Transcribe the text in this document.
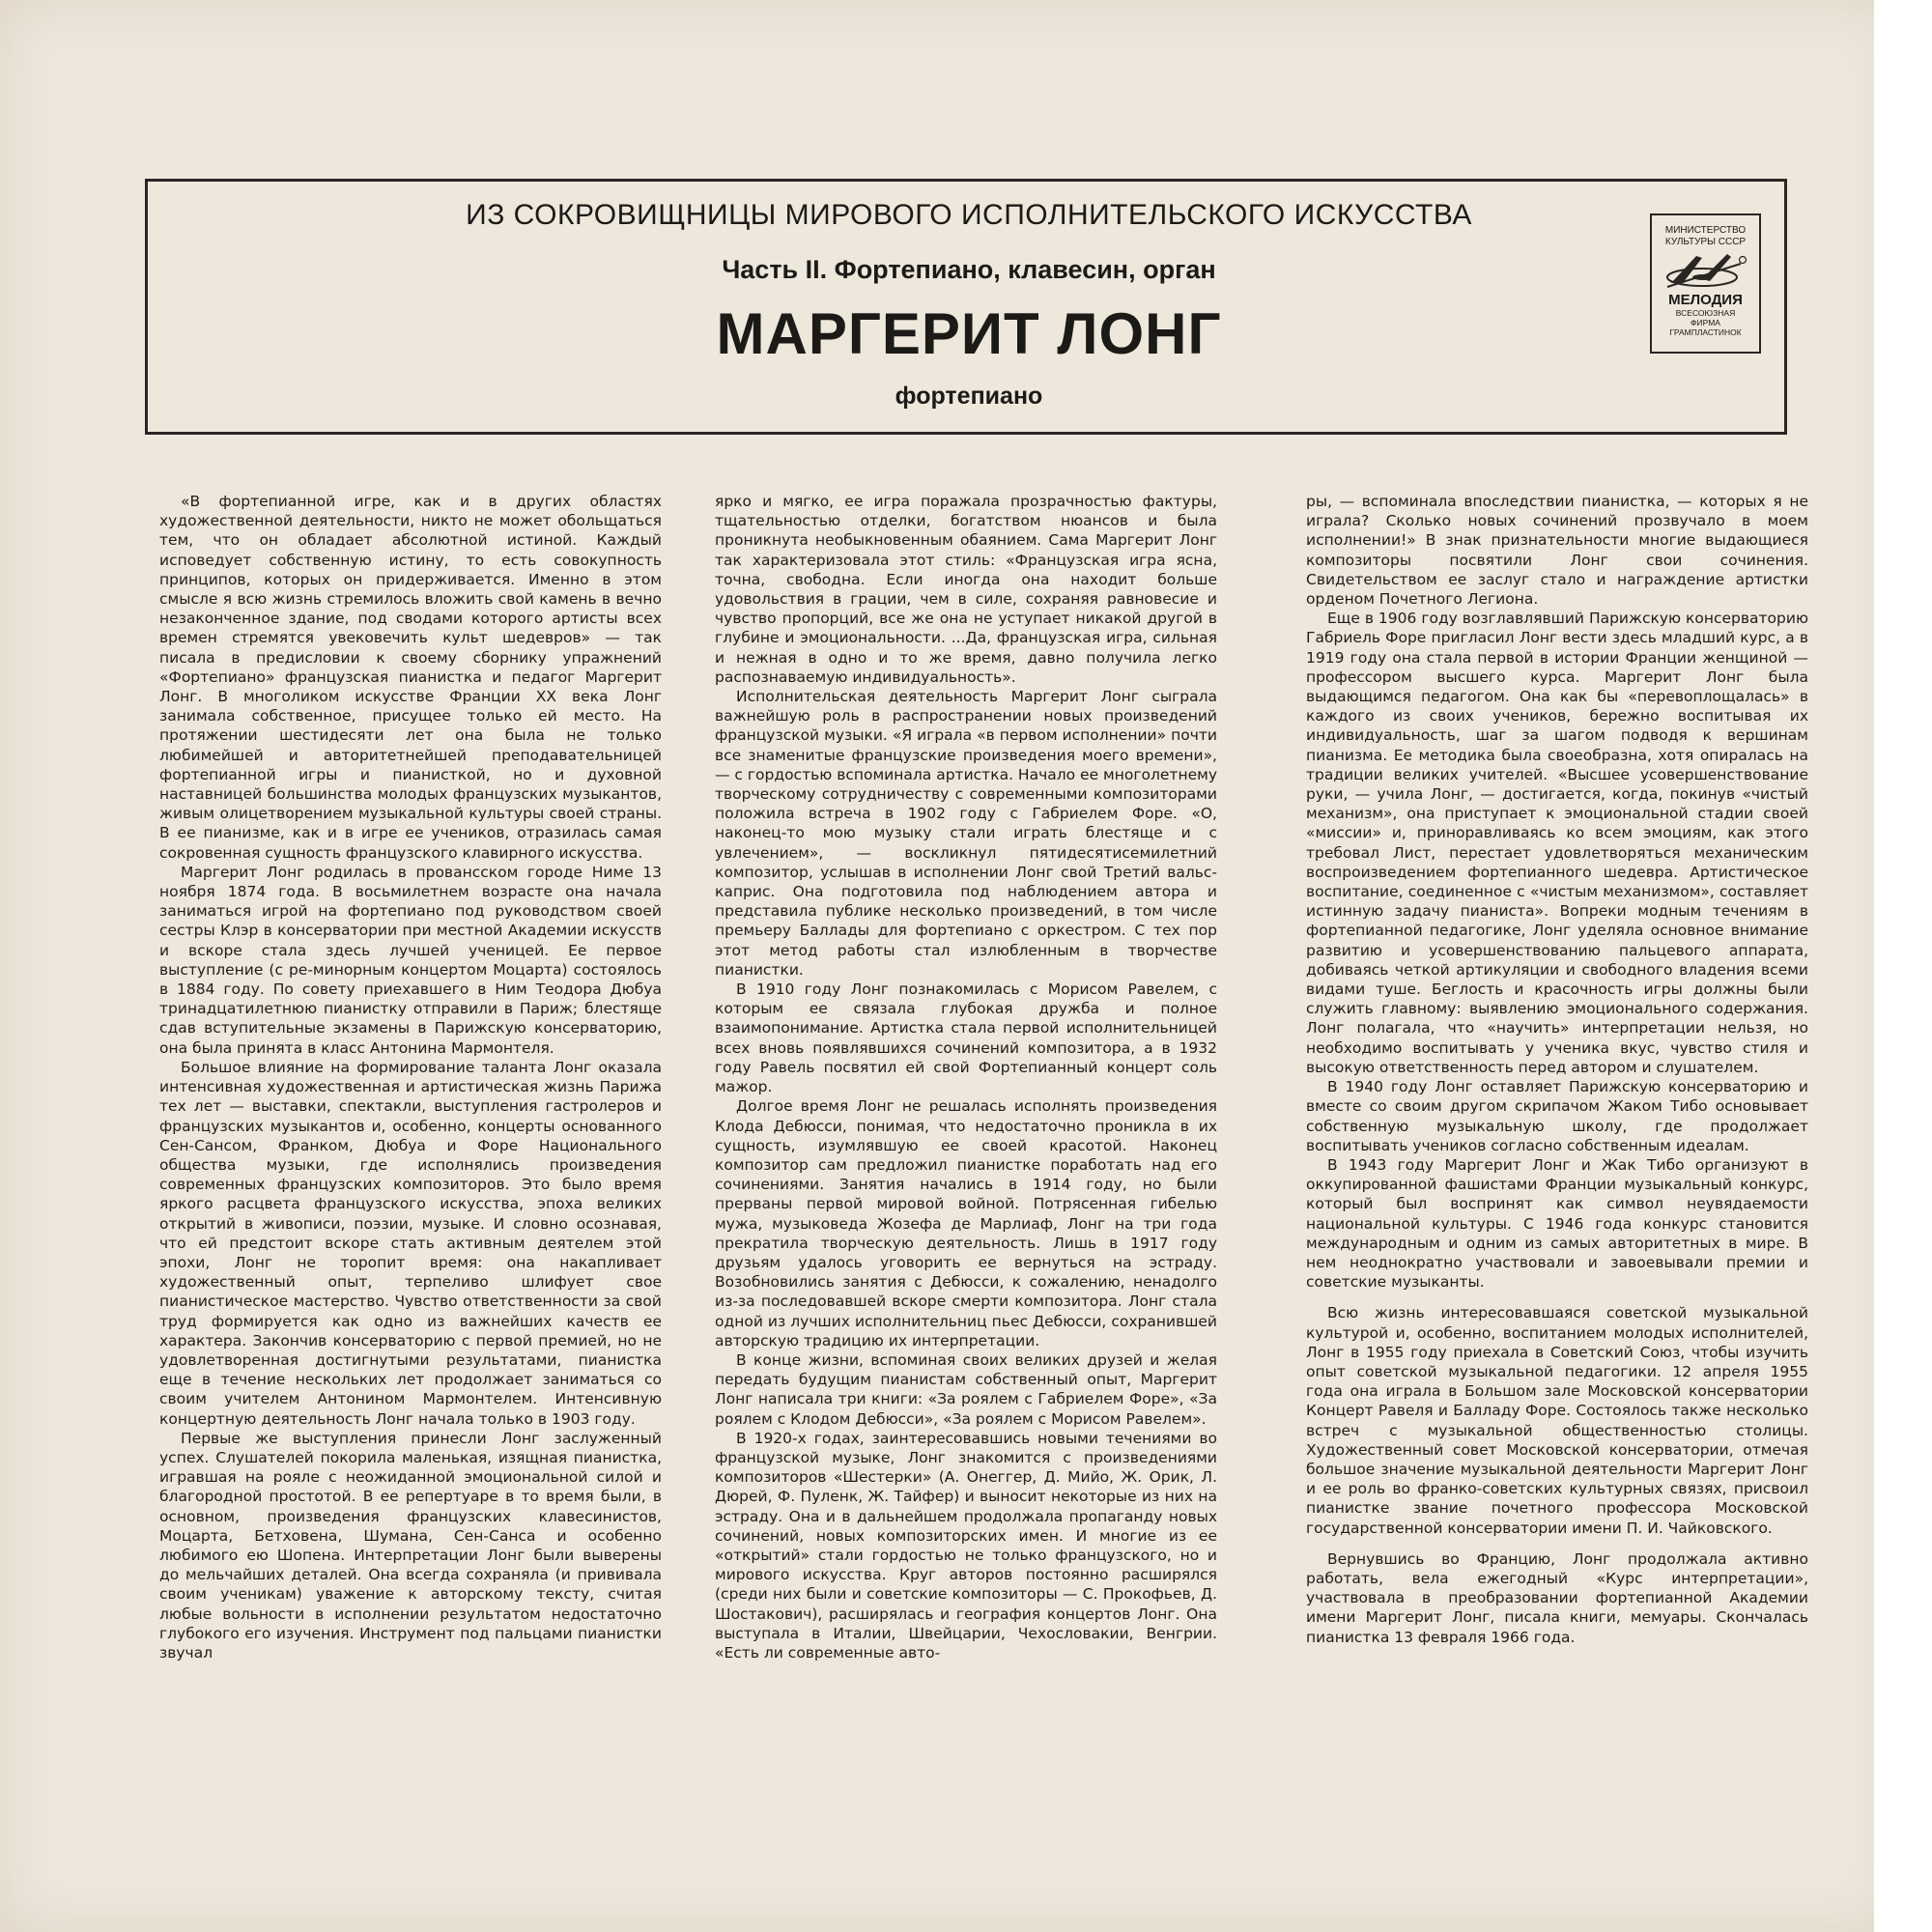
ИЗ СОКРОВИЩНИЦЫ МИРОВОГО ИСПОЛНИТЕЛЬСКОГО ИСКУССТВА
Часть II. Фортепиано, клавесин, орган
МАРГЕРИТ ЛОНГ
фортепиано
МИНИСТЕРСТВО КУЛЬТУРЫ СССР
МЕЛОДИЯ
ВСЕСОЮЗНАЯ
ФИРМА
ГРАМПЛАСТИНОК

«В фортепианной игре, как и в других областях художественной деятельности, никто не может обольщаться тем, что он обладает абсолютной истиной. Каждый исповедует собственную истину, то есть совокупность принципов, которых он придерживается. Именно в этом смысле я всю жизнь стремилось вложить свой камень в вечно незаконченное здание, под сводами которого артисты всех времен стремятся увековечить культ шедевров» — так писала в предисловии к своему сборнику упражнений «Фортепиано» французская пианистка и педагог Маргерит Лонг. В многоликом искусстве Франции XX века Лонг занимала собственное, присущее только ей место. На протяжении шестидесяти лет она была не только любимейшей и авторитетнейшей преподавательницей фортепианной игры и пианисткой, но и духовной наставницей большинства молодых французских музыкантов, живым олицетворением музыкальной культуры своей страны. В ее пианизме, как и в игре ее учеников, отразилась самая сокровенная сущность французского клавирного искусства.

Маргерит Лонг родилась в провансском городе Ниме 13 ноября 1874 года. В восьмилетнем возрасте она начала заниматься игрой на фортепиано под руководством своей сестры Клэр в консерватории при местной Академии искусств и вскоре стала здесь лучшей ученицей. Ее первое выступление (с ре-минорным концертом Моцарта) состоялось в 1884 году. По совету приехавшего в Ним Теодора Дюбуа тринадцатилетнюю пианистку отправили в Париж; блестяще сдав вступительные экзамены в Парижскую консерваторию, она была принята в класс Антонина Мармонтеля.

Большое влияние на формирование таланта Лонг оказала интенсивная художественная и артистическая жизнь Парижа тех лет — выставки, спектакли, выступления гастролеров и французских музыкантов и, особенно, концерты основанного Сен-Сансом, Франком, Дюбуа и Форе Национального общества музыки, где исполнялись произведения современных французских композиторов. Это было время яркого расцвета французского искусства, эпоха великих открытий в живописи, поэзии, музыке. И словно осознавая, что ей предстоит вскоре стать активным деятелем этой эпохи, Лонг не торопит время: она накапливает художественный опыт, терпеливо шлифует свое пианистическое мастерство. Чувство ответственности за свой труд формируется как одно из важнейших качеств ее характера. Закончив консерваторию с первой премией, но не удовлетворенная достигнутыми результатами, пианистка еще в течение нескольких лет продолжает заниматься со своим учителем Антонином Мармонтелем. Интенсивную концертную деятельность Лонг начала только в 1903 году.

Первые же выступления принесли Лонг заслуженный успех. Слушателей покорила маленькая, изящная пианистка, игравшая на рояле с неожиданной эмоциональной силой и благородной простотой. В ее репертуаре в то время были, в основном, произведения французских клавесинистов, Моцарта, Бетховена, Шумана, Сен-Санса и особенно любимого ею Шопена. Интерпретации Лонг были выверены до мельчайших деталей. Она всегда сохраняла (и прививала своим ученикам) уважение к авторскому тексту, считая любые вольности в исполнении результатом недостаточно глубокого его изучения. Инструмент под пальцами пианистки звучал

ярко и мягко, ее игра поражала прозрачностью фактуры, тщательностью отделки, богатством нюансов и была проникнута необыкновенным обаянием. Сама Маргерит Лонг так характеризовала этот стиль: «Французская игра ясна, точна, свободна. Если иногда она находит больше удовольствия в грации, чем в силе, сохраняя равновесие и чувство пропорций, все же она не уступает никакой другой в глубине и эмоциональности. ...Да, французская игра, сильная и нежная в одно и то же время, давно получила легко распознаваемую индивидуальность».

Исполнительская деятельность Маргерит Лонг сыграла важнейшую роль в распространении новых произведений французской музыки. «Я играла «в первом исполнении» почти все знаменитые французские произведения моего времени», — с гордостью вспоминала артистка. Начало ее многолетнему творческому сотрудничеству с современными композиторами положила встреча в 1902 году с Габриелем Форе. «О, наконец-то мою музыку стали играть блестяще и с увлечением», — воскликнул пятидесятисемилетний композитор, услышав в исполнении Лонг свой Третий вальс-каприс. Она подготовила под наблюдением автора и представила публике несколько произведений, в том числе премьеру Баллады для фортепиано с оркестром. С тех пор этот метод работы стал излюбленным в творчестве пианистки.

В 1910 году Лонг познакомилась с Морисом Равелем, с которым ее связала глубокая дружба и полное взаимопонимание. Артистка стала первой исполнительницей всех вновь появлявшихся сочинений композитора, а в 1932 году Равель посвятил ей свой Фортепианный концерт соль мажор.

Долгое время Лонг не решалась исполнять произведения Клода Дебюсси, понимая, что недостаточно проникла в их сущность, изумлявшую ее своей красотой. Наконец композитор сам предложил пианистке поработать над его сочинениями. Занятия начались в 1914 году, но были прерваны первой мировой войной. Потрясенная гибелью мужа, музыковеда Жозефа де Марлиаф, Лонг на три года прекратила творческую деятельность. Лишь в 1917 году друзьям удалось уговорить ее вернуться на эстраду. Возобновились занятия с Дебюсси, к сожалению, ненадолго из-за последовавшей вскоре смерти композитора. Лонг стала одной из лучших исполнительниц пьес Дебюсси, сохранившей авторскую традицию их интерпретации.

В конце жизни, вспоминая своих великих друзей и желая передать будущим пианистам собственный опыт, Маргерит Лонг написала три книги: «За роялем с Габриелем Форе», «За роялем с Клодом Дебюсси», «За роялем с Морисом Равелем».

В 1920-х годах, заинтересовавшись новыми течениями во французской музыке, Лонг знакомится с произведениями композиторов «Шестерки» (А. Онеггер, Д. Мийо, Ж. Орик, Л. Дюрей, Ф. Пуленк, Ж. Тайфер) и выносит некоторые из них на эстраду. Она и в дальнейшем продолжала пропаганду новых сочинений, новых композиторских имен. И многие из ее «открытий» стали гордостью не только французского, но и мирового искусства. Круг авторов постоянно расширялся (среди них были и советские композиторы — С. Прокофьев, Д. Шостакович), расширялась и география концертов Лонг. Она выступала в Италии, Швейцарии, Чехословакии, Венгрии. «Есть ли современные авто-

ры, — вспоминала впоследствии пианистка, — которых я не играла? Сколько новых сочинений прозвучало в моем исполнении!» В знак признательности многие выдающиеся композиторы посвятили Лонг свои сочинения. Свидетельством ее заслуг стало и награждение артистки орденом Почетного Легиона.

Еще в 1906 году возглавлявший Парижскую консерваторию Габриель Форе пригласил Лонг вести здесь младший курс, а в 1919 году она стала первой в истории Франции женщиной — профессором высшего курса. Маргерит Лонг была выдающимся педагогом. Она как бы «перевоплощалась» в каждого из своих учеников, бережно воспитывая их индивидуальность, шаг за шагом подводя к вершинам пианизма. Ее методика была своеобразна, хотя опиралась на традиции великих учителей. «Высшее усовершенствование руки, — учила Лонг, — достигается, когда, покинув «чистый механизм», она приступает к эмоциональной стадии своей «миссии» и, приноравливаясь ко всем эмоциям, как этого требовал Лист, перестает удовлетворяться механическим воспроизведением фортепианного шедевра. Артистическое воспитание, соединенное с «чистым механизмом», составляет истинную задачу пианиста». Вопреки модным течениям в фортепианной педагогике, Лонг уделяла основное внимание развитию и усовершенствованию пальцевого аппарата, добиваясь четкой артикуляции и свободного владения всеми видами туше. Беглость и красочность игры должны были служить главному: выявлению эмоционального содержания. Лонг полагала, что «научить» интерпретации нельзя, но необходимо воспитывать у ученика вкус, чувство стиля и высокую ответственность перед автором и слушателем.

В 1940 году Лонг оставляет Парижскую консерваторию и вместе со своим другом скрипачом Жаком Тибо основывает собственную музыкальную школу, где продолжает воспитывать учеников согласно собственным идеалам.

В 1943 году Маргерит Лонг и Жак Тибо организуют в оккупированной фашистами Франции музыкальный конкурс, который был воспринят как символ неувядаемости национальной культуры. С 1946 года конкурс становится международным и одним из самых авторитетных в мире. В нем неоднократно участвовали и завоевывали премии и советские музыканты.

Всю жизнь интересовавшаяся советской музыкальной культурой и, особенно, воспитанием молодых исполнителей, Лонг в 1955 году приехала в Советский Союз, чтобы изучить опыт советской музыкальной педагогики. 12 апреля 1955 года она играла в Большом зале Московской консерватории Концерт Равеля и Балладу Форе. Состоялось также несколько встреч с музыкальной общественностью столицы. Художественный совет Московской консерватории, отмечая большое значение музыкальной деятельности Маргерит Лонг и ее роль во франко-советских культурных связях, присвоил пианистке звание почетного профессора Московской государственной консерватории имени П. И. Чайковского.

Вернувшись во Францию, Лонг продолжала активно работать, вела ежегодный «Курс интерпретации», участвовала в преобразовании фортепианной Академии имени Маргерит Лонг, писала книги, мемуары. Скончалась пианистка 13 февраля 1966 года.
